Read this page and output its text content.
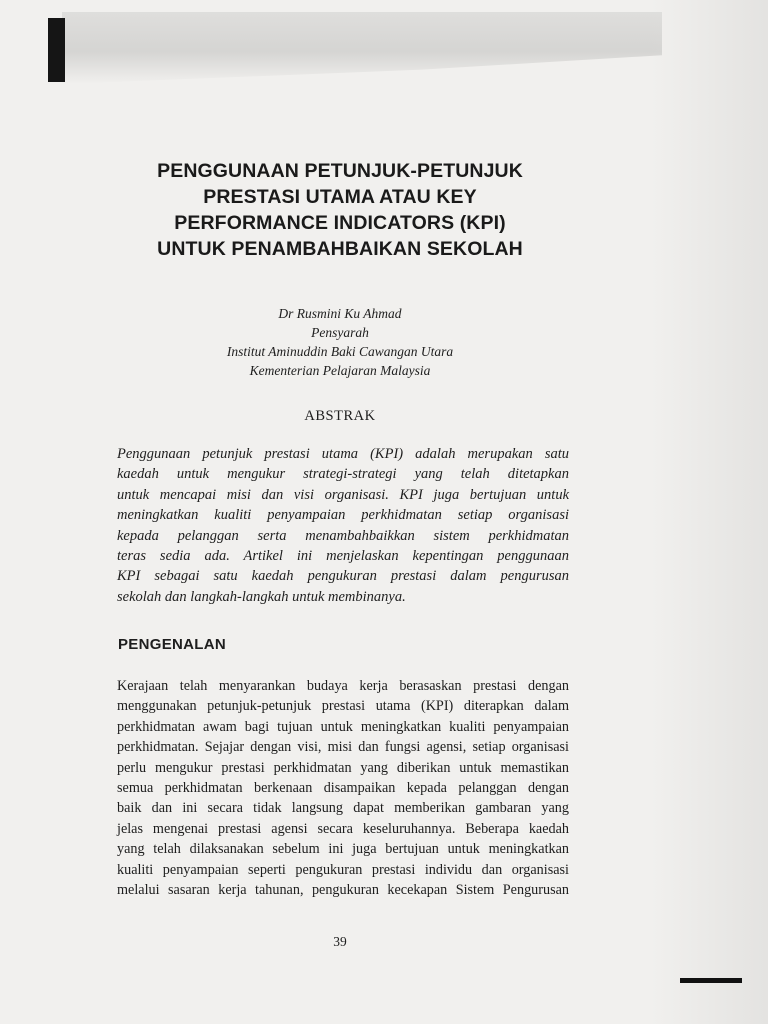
PENGGUNAAN PETUNJUK-PETUNJUK
PRESTASI UTAMA ATAU KEY
PERFORMANCE INDICATORS (KPI)
UNTUK PENAMBAHBAIKAN SEKOLAH
Dr Rusmini Ku Ahmad
Pensyarah
Institut Aminuddin Baki Cawangan Utara
Kementerian Pelajaran Malaysia
ABSTRAK
Penggunaan petunjuk prestasi utama (KPI) adalah merupakan satu
kaedah untuk mengukur strategi-strategi yang telah ditetapkan
untuk mencapai misi dan visi organisasi. KPI juga bertujuan untuk
meningkatkan kualiti penyampaian perkhidmatan setiap organisasi
kepada pelanggan serta menambahbaikkan sistem perkhidmatan
teras sedia ada. Artikel ini menjelaskan kepentingan penggunaan
KPI sebagai satu kaedah pengukuran prestasi dalam pengurusan
sekolah dan langkah-langkah untuk membinanya.
PENGENALAN
Kerajaan telah menyarankan budaya kerja berasaskan prestasi dengan
menggunakan petunjuk-petunjuk prestasi utama (KPI) diterapkan dalam
perkhidmatan awam bagi tujuan untuk meningkatkan kualiti penyampaian
perkhidmatan. Sejajar dengan visi, misi dan fungsi agensi, setiap organisasi
perlu mengukur prestasi perkhidmatan yang diberikan untuk memastikan
semua perkhidmatan berkenaan disampaikan kepada pelanggan dengan
baik dan ini secara tidak langsung dapat memberikan gambaran yang
jelas mengenai prestasi agensi secara keseluruhannya. Beberapa kaedah
yang telah dilaksanakan sebelum ini juga bertujuan untuk meningkatkan
kualiti penyampaian seperti pengukuran prestasi individu dan organisasi
melalui sasaran kerja tahunan, pengukuran kecekapan Sistem Pengurusan
39
